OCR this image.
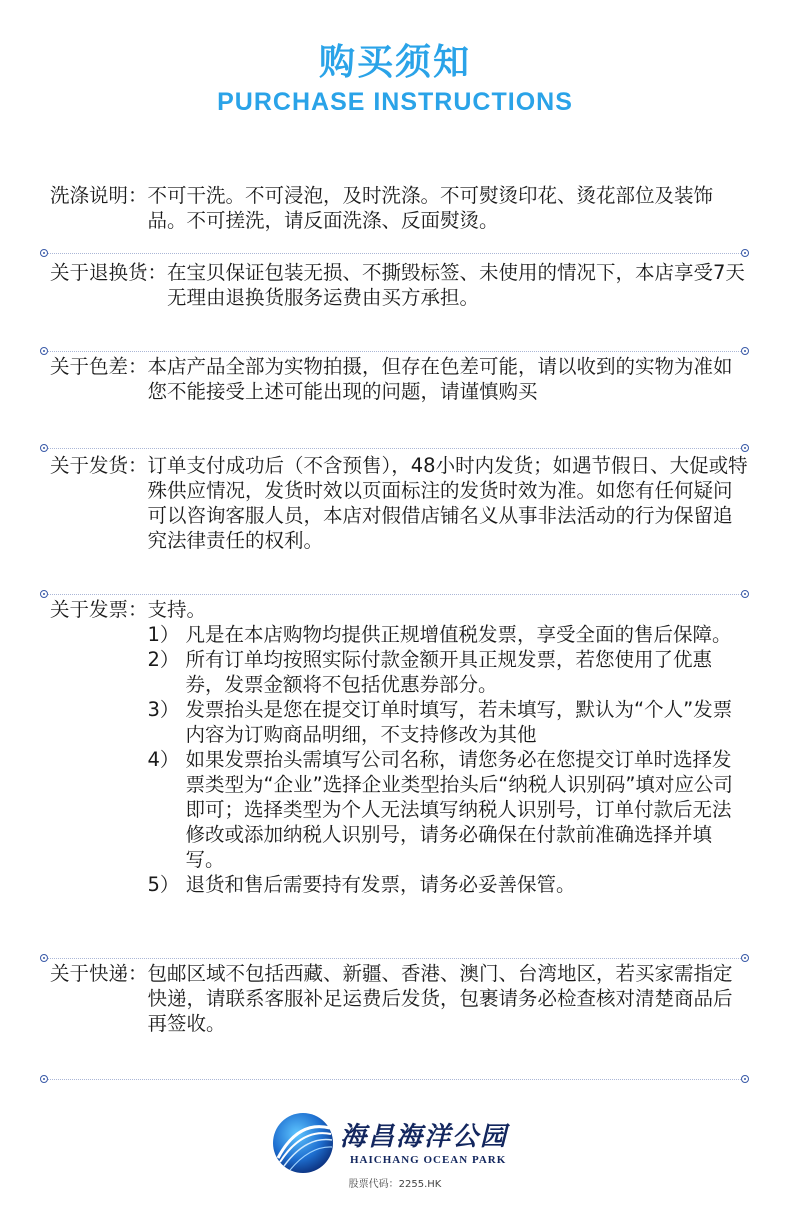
购买须知
PURCHASE INSTRUCTIONS
洗涤说明： 不可干洗。不可浸泡，及时洗涤。不可熨烫印花、烫花部位及装饰品。不可搓洗，请反面洗涤、反面熨烫。
关于退换货： 在宝贝保证包装无损、不撕毁标签、未使用的情况下，本店享受7天无理由退换货服务运费由买方承担。
关于色差： 本店产品全部为实物拍摄，但存在色差可能，请以收到的实物为准如您不能接受上述可能出现的问题，请谨慎购买
关于发货： 订单支付成功后（不含预售），48小时内发货；如遇节假日、大促或特殊供应情况，发货时效以页面标注的发货时效为准。如您有任何疑问可以咨询客服人员，本店对假借店铺名义从事非法活动的行为保留追究法律责任的权利。
关于发票： 支持。
1） 凡是在本店购物均提供正规增值税发票，享受全面的售后保障。
2） 所有订单均按照实际付款金额开具正规发票，若您使用了优惠券，发票金额将不包括优惠券部分。
3） 发票抬头是您在提交订单时填写，若未填写，默认为“个人”发票内容为订购商品明细，不支持修改为其他
4） 如果发票抬头需填写公司名称，请您务必在您提交订单时选择发票类型为“企业”选择企业类型抬头后“纳税人识别码”填对应公司即可；选择类型为个人无法填写纳税人识别号，订单付款后无法修改或添加纳税人识别号，请务必确保在付款前准确选择并填写。
5） 退货和售后需要持有发票，请务必妥善保管。
关于快递： 包邮区域不包括西藏、新疆、香港、澳门、台湾地区，若买家需指定快递，请联系客服补足运费后发货，包裹请务必检查核对清楚商品后再签收。
海昌海洋公园
HAICHANG OCEAN PARK
股票代码：2255.HK
